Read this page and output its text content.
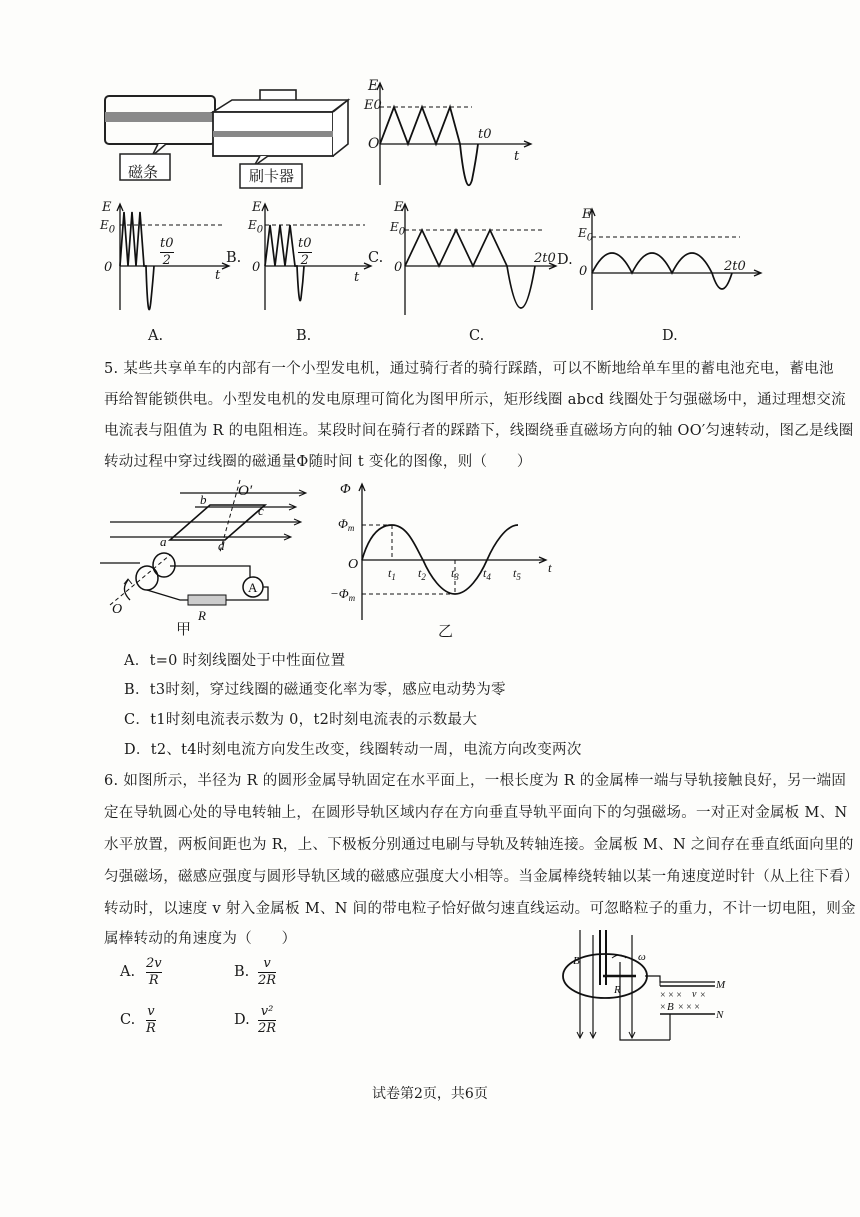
磁条	刷卡器
E
E0
O
t0
t
E
$E_0$
0
t0
2
t
B.
A.
E
$E_0$
0
t0
2
t
C.
B.
E
$E_0$
0
2t0 D.
C.
E
$E_0$
0	2t0
D.
5. 某些共享单车的内部有一个小型发电机，通过骑行者的骑行踩踏，可以不断地给单车里的蓄电池充电，蓄电池
再给智能锁供电。小型发电机的发电原理可简化为图甲所示，矩形线圈 abcd 线圈处于匀强磁场中，通过理想交流
电流表与阻值为 R 的电阻相连。某段时间在骑行者的踩踏下，线圈绕垂直磁场方向的轴 OO′匀速转动，图乙是线圈
转动过程中穿过线圈的磁通量Φ随时间 t 变化的图像，则（　　）
A
O′
b
c
a	d
O	R
甲
Φ
$\Phi_m$
O
$-\Phi_m$
$t_1$ $t_2$ $t_3$ $t_4$ $t_5$
t
乙
A．t=0 时刻线圈处于中性面位置
B．t3时刻，穿过线圈的磁通变化率为零，感应电动势为零
C．t1时刻电流表示数为 0，t2时刻电流表的示数最大
D．t2、t4时刻电流方向发生改变，线圈转动一周，电流方向改变两次
6. 如图所示，半径为 R 的圆形金属导轨固定在水平面上，一根长度为 R 的金属棒一端与导轨接触良好，另一端固
定在导轨圆心处的导电转轴上，在圆形导轨区域内存在方向垂直导轨平面向下的匀强磁场。一对正对金属板 M、N
水平放置，两板间距也为 R，上、下极板分别通过电刷与导轨及转轴连接。金属板 M、N 之间存在垂直纸面向里的
匀强磁场，磁感应强度与圆形导轨区域的磁感应强度大小相等。当金属棒绕转轴以某一角速度逆时针（从上往下看）
转动时，以速度 v 射入金属板 M、N 间的带电粒子恰好做匀速直线运动。可忽略粒子的重力，不计一切电阻，则金
属棒转动的角速度为（　　）
A.
2v
R
B.
v
2R
C.
v
R
D.
v²
2R
× × × ×
× B × × ×
B
R
ω
v
M
N
试卷第2页，共6页
